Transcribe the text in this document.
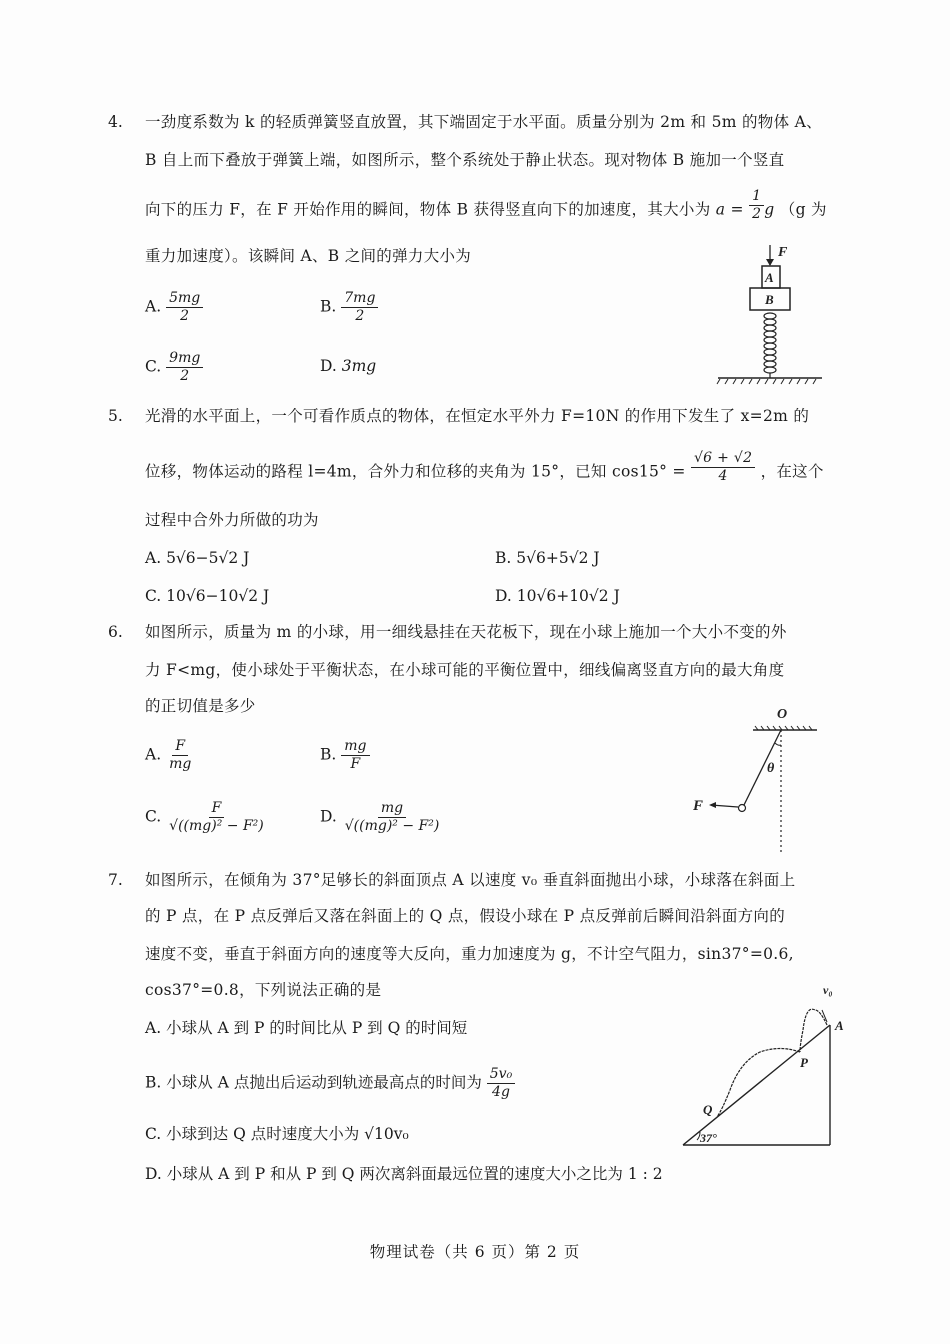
4. 一劲度系数为 k 的轻质弹簧竖直放置，其下端固定于水平面。质量分别为 2m 和 5m 的物体 A、
B 自上而下叠放于弹簧上端，如图所示，整个系统处于静止状态。现对物体 B 施加一个竖直
向下的压力 F，在 F 开始作用的瞬间，物体 B 获得竖直向下的加速度，其大小为 $a = \frac{1}{2}$ g （g 为
重力加速度）。该瞬间 A、B 之间的弹力大小为
A. $\frac{5mg}{2}$	B. $\frac{7mg}{2}$
C. $\frac{9mg}{2}$	D. 3mg
F
A
B
5. 光滑的水平面上，一个可看作质点的物体，在恒定水平外力 F=10N 的作用下发生了 x=2m 的
位移，物体运动的路程 l=4m，合外力和位移的夹角为 15°，已知 $\cos 15^\circ = \frac{√6 + √2}{4}$ ，在这个
过程中合外力所做的功为
A. 5√6−5√2 J	B. 5√6+5√2 J
C. 10√6−10√2 J	D. 10√6+10√2 J
6. 如图所示，质量为 m 的小球，用一细线悬挂在天花板下，现在小球上施加一个大小不变的外
力 F<mg，使小球处于平衡状态，在小球可能的平衡位置中，细线偏离竖直方向的最大角度
的正切值是多少
A. $\frac{F}{mg}$	B. $\frac{mg}{F}$
C. $\frac{F}{\text{√((mg)² − F²)}}$	D. $\frac{mg}{\text{√((mg)² − F²)}}$
O
θ
F
7. 如图所示，在倾角为 37°足够长的斜面顶点 A 以速度 v₀ 垂直斜面抛出小球，小球落在斜面上
的 P 点，在 P 点反弹后又落在斜面上的 Q 点，假设小球在 P 点反弹前后瞬间沿斜面方向的
速度不变，垂直于斜面方向的速度等大反向，重力加速度为 g，不计空气阻力，sin37°=0.6,
cos37°=0.8，下列说法正确的是
A. 小球从 A 到 P 的时间比从 P 到 Q 的时间短
B. 小球从 A 点抛出后运动到轨迹最高点的时间为 $\frac{\text{5v₀}}{4g}$
C. 小球到达 Q 点时速度大小为 √10v₀
D. 小球从 A 到 P 和从 P 到 Q 两次离斜面最远位置的速度大小之比为 1 : 2
37°
v₀
A
P
Q
物理试卷（共 6 页）第 2 页
